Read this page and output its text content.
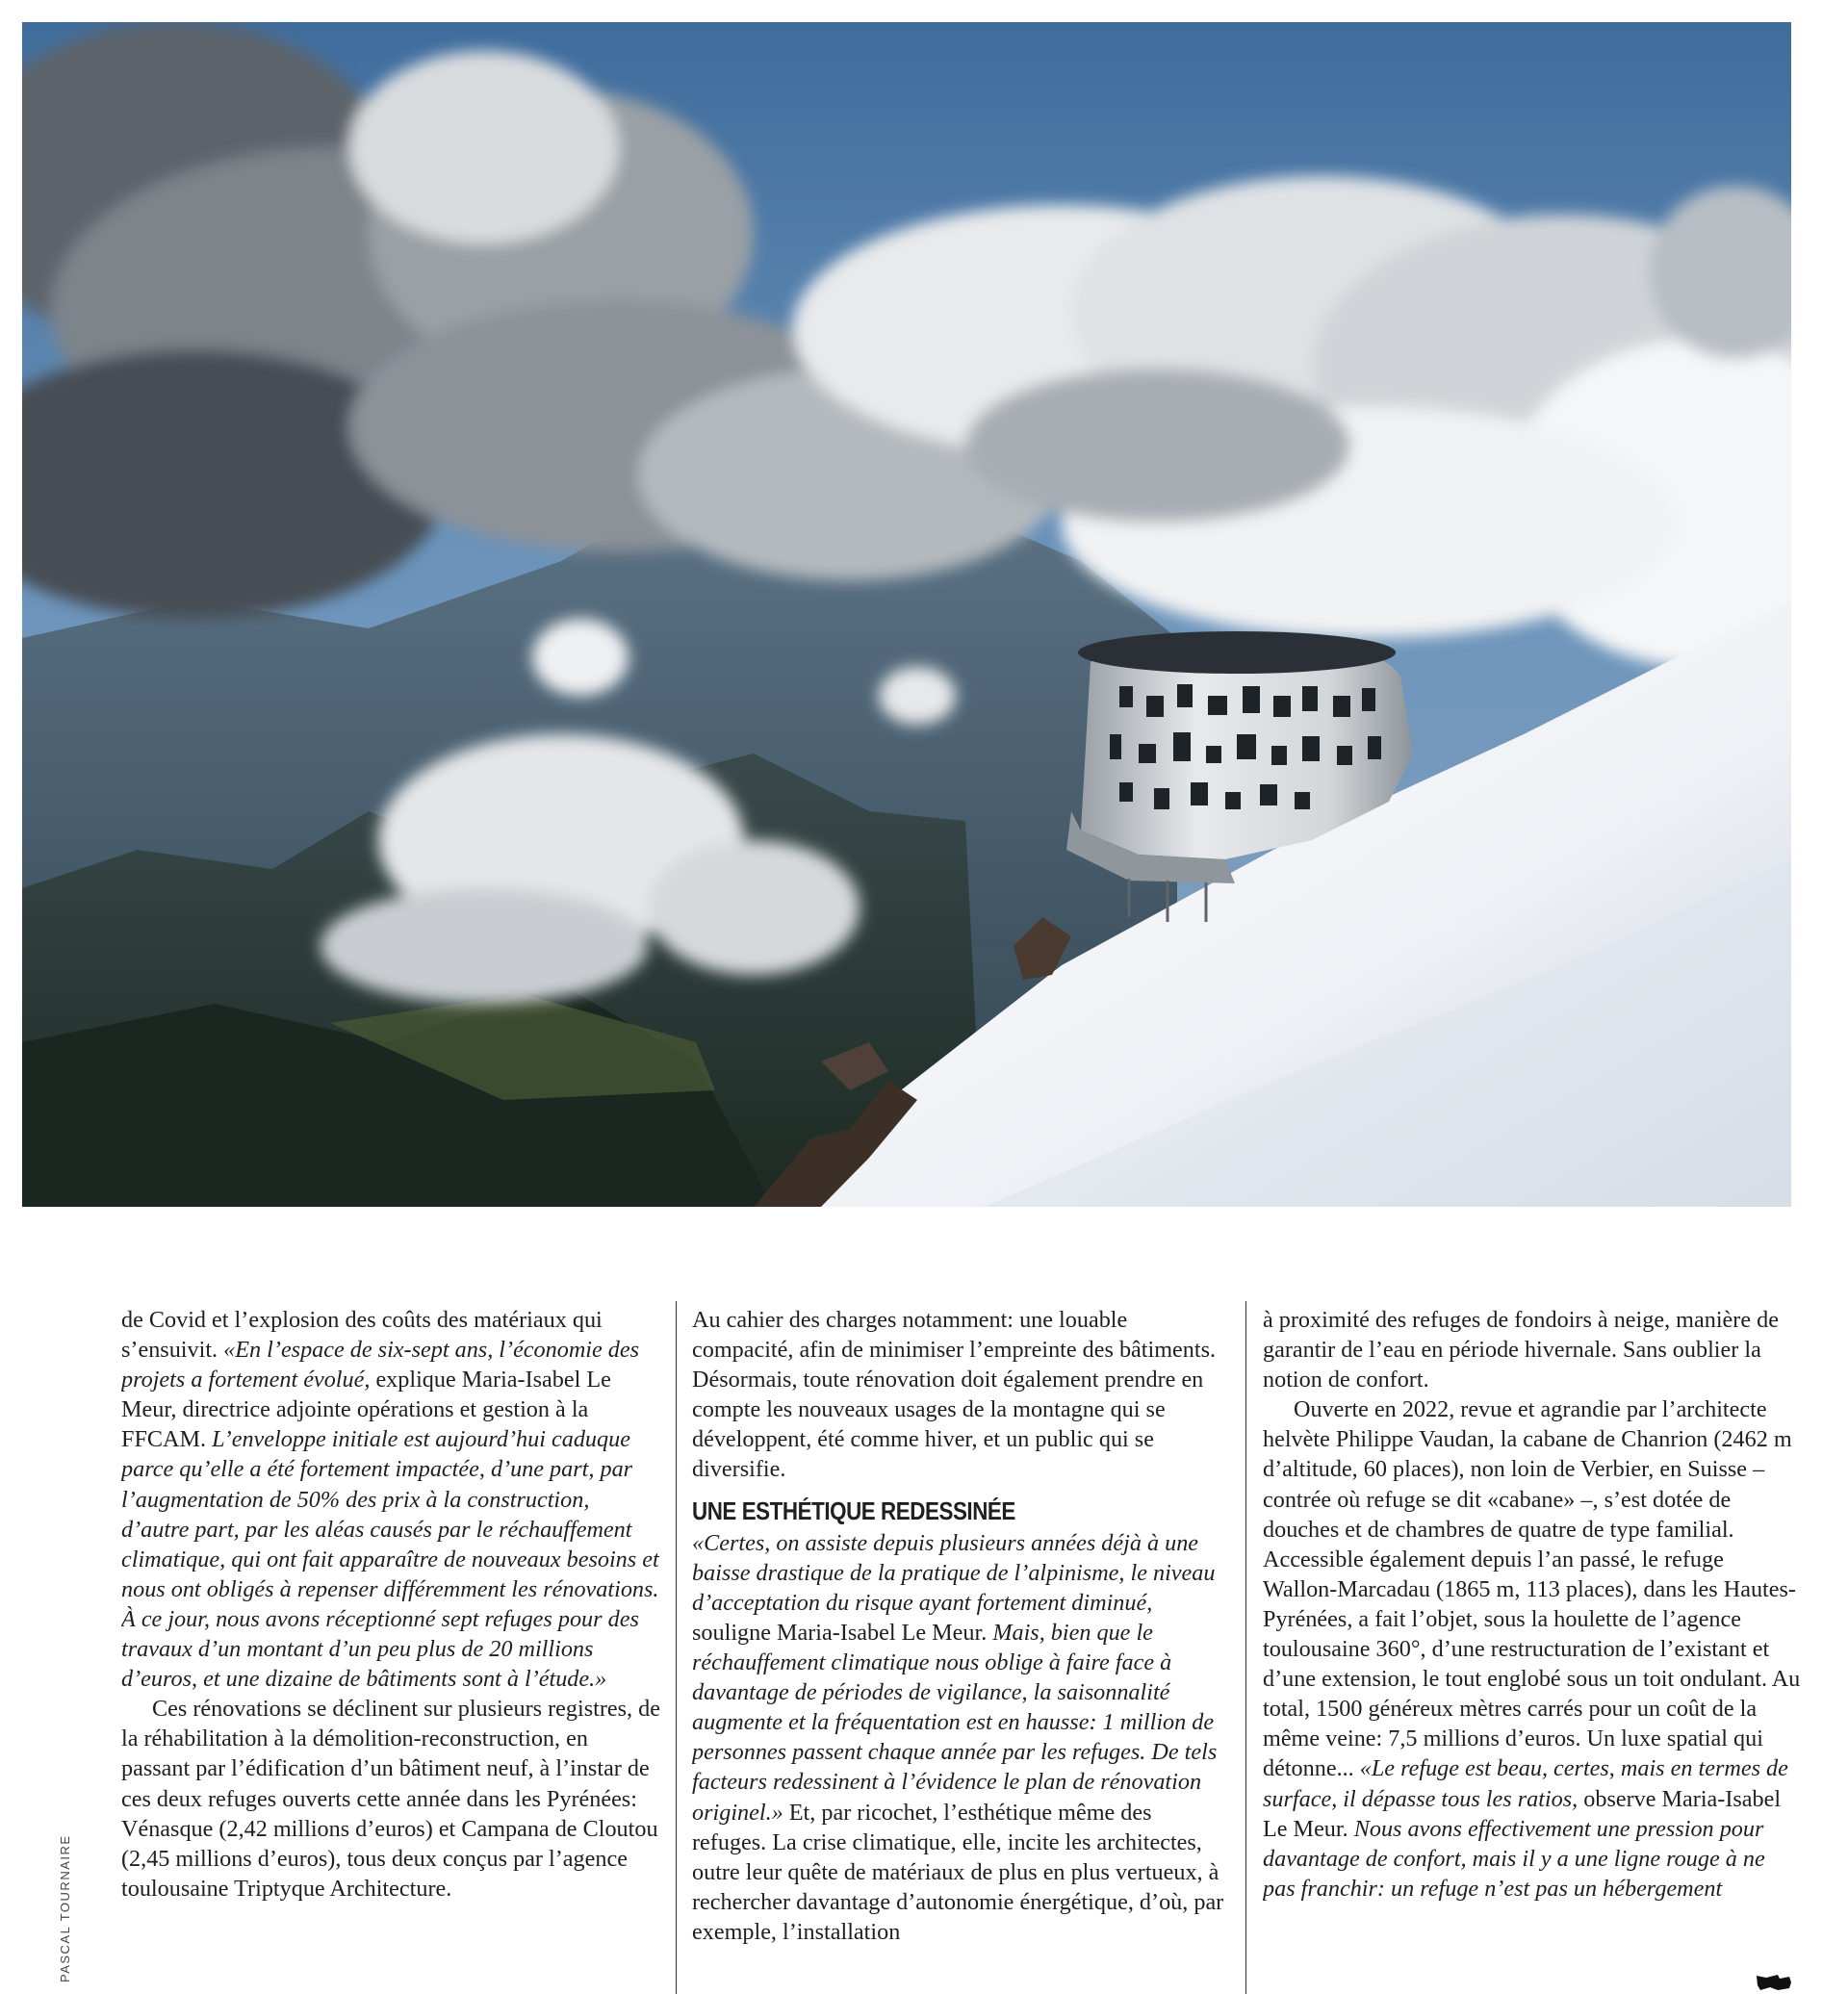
PASCAL TOURNAIRE

de Covid et l’explosion des coûts des matériaux qui s’ensuivit. «En l’espace de six-sept ans, l’économie des projets a fortement évolué, explique Maria-Isabel Le Meur, directrice adjointe opérations et gestion à la FFCAM. L’enveloppe initiale est aujourd’hui caduque parce qu’elle a été fortement impactée, d’une part, par l’augmentation de 50% des prix à la construction, d’autre part, par les aléas causés par le réchauffement climatique, qui ont fait apparaître de nouveaux besoins et nous ont obligés à repenser différemment les rénovations. À ce jour, nous avons réceptionné sept refuges pour des travaux d’un montant d’un peu plus de 20 millions d’euros, et une dizaine de bâtiments sont à l’étude.»

Ces rénovations se déclinent sur plusieurs registres, de la réhabilitation à la démolition-reconstruction, en passant par l’édification d’un bâtiment neuf, à l’instar de ces deux refuges ouverts cette année dans les Pyrénées: Vénasque (2,42 millions d’euros) et Campana de Cloutou (2,45 millions d’euros), tous deux conçus par l’agence toulousaine Triptyque Architecture.

Au cahier des charges notamment: une louable compacité, afin de minimiser l’empreinte des bâtiments. Désormais, toute rénovation doit également prendre en compte les nouveaux usages de la montagne qui se développent, été comme hiver, et un public qui se diversifie.

UNE ESTHÉTIQUE REDESSINÉE

«Certes, on assiste depuis plusieurs années déjà à une baisse drastique de la pratique de l’alpinisme, le niveau d’acceptation du risque ayant fortement diminué, souligne Maria-Isabel Le Meur. Mais, bien que le réchauffement climatique nous oblige à faire face à davantage de périodes de vigilance, la saisonnalité augmente et la fréquentation est en hausse: 1 million de personnes passent chaque année par les refuges. De tels facteurs redessinent à l’évidence le plan de rénovation originel.» Et, par ricochet, l’esthétique même des refuges. La crise climatique, elle, incite les architectes, outre leur quête de matériaux de plus en plus vertueux, à rechercher davantage d’autonomie énergétique, d’où, par exemple, l’installation

à proximité des refuges de fondoirs à neige, manière de garantir de l’eau en période hivernale. Sans oublier la notion de confort.

Ouverte en 2022, revue et agrandie par l’architecte helvète Philippe Vaudan, la cabane de Chanrion (2462 m d’altitude, 60 places), non loin de Verbier, en Suisse – contrée où refuge se dit «cabane» –, s’est dotée de douches et de chambres de quatre de type familial. Accessible également depuis l’an passé, le refuge Wallon-Marcadau (1865 m, 113 places), dans les Hautes-Pyrénées, a fait l’objet, sous la houlette de l’agence toulousaine 360°, d’une restructuration de l’existant et d’une extension, le tout englobé sous un toit ondulant. Au total, 1500 généreux mètres carrés pour un coût de la même veine: 7,5 millions d’euros. Un luxe spatial qui détonne... «Le refuge est beau, certes, mais en termes de surface, il dépasse tous les ratios, observe Maria-Isabel Le Meur. Nous avons effectivement une pression pour davantage de confort, mais il y a une ligne rouge à ne pas franchir: un refuge n’est pas un hébergement
